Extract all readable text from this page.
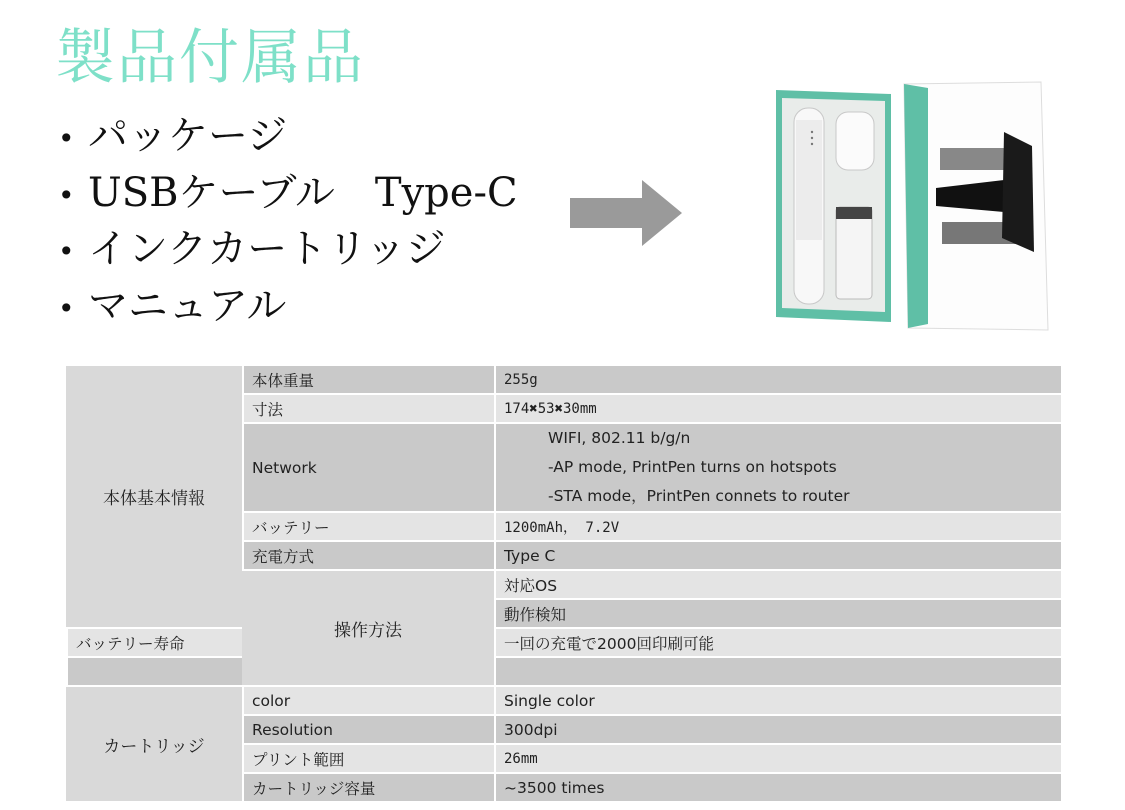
製品付属品
• パッケージ
• USBケーブル　Type-C
• インクカートリッジ
• マニュアル
本体基本情報	本体重量	255g	
	寸法	174✖53✖30mm	
	Network	WIFI, 802.11 b/g/n
-AP mode, PrintPen turns on hotspots
-STA mode，PrintPen connets to router	

	バッテリー	1200mAh， 7.2V	
	充電方式	Type C	
	操作方法	対応OS	
		動作検知	
バッテリー寿命		一回の充電で2000回印刷可能	

カートリッジ	color	Single color	
	Resolution	300dpi	
	プリント範囲	26mm	
	カートリッジ容量	~3500 times	
